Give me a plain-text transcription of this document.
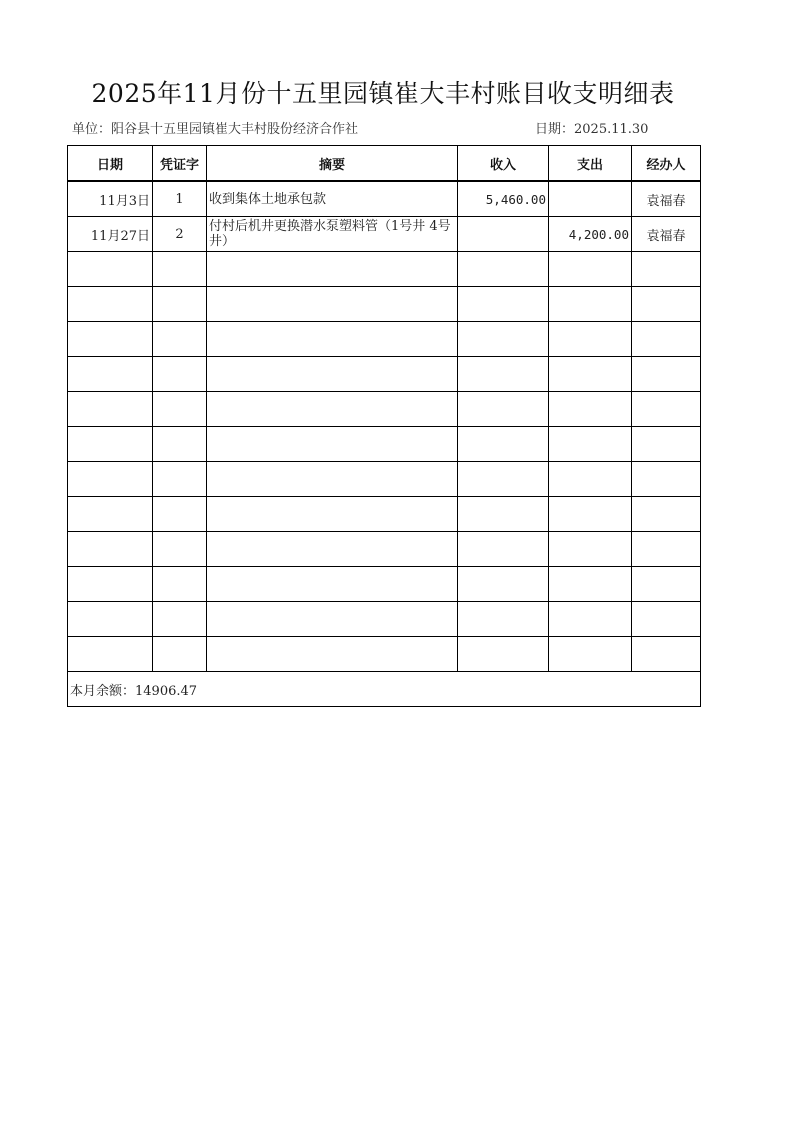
2025年11月份十五里园镇崔大丰村账目收支明细表
单位：阳谷县十五里园镇崔大丰村股份经济合作社	日期：2025.11.30
日期	凭证字	摘要	收入	支出	经办人
11月3日	1	收到集体土地承包款	5,460.00		袁福春
11月27日	2	付村后机井更换潜水泵塑料管（1号井 4号井）		4,200.00	袁福春

本月余额：14906.47					
